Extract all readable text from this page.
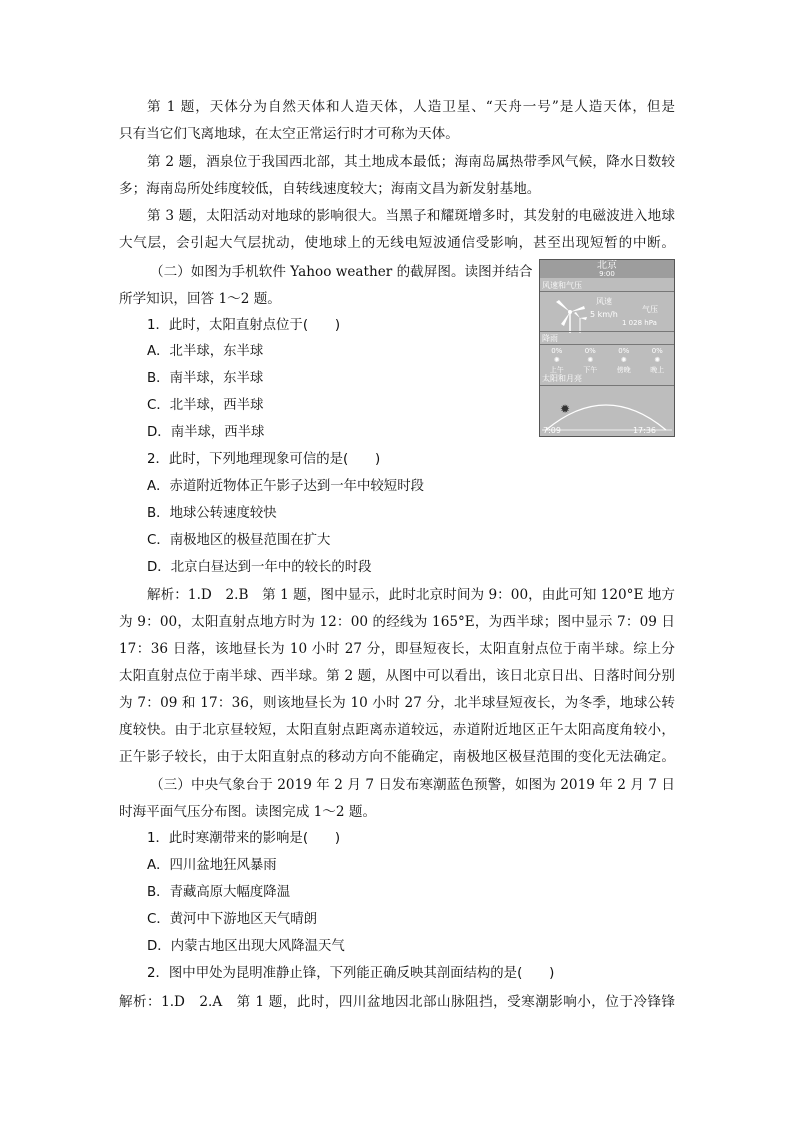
第 1 题，天体分为自然天体和人造天体，人造卫星、“天舟一号”是人造天体，但是
只有当它们飞离地球，在太空正常运行时才可称为天体。
第 2 题，酒泉位于我国西北部，其土地成本最低；海南岛属热带季风气候，降水日数较
多；海南岛所处纬度较低，自转线速度较大；海南文昌为新发射基地。
第 3 题，太阳活动对地球的影响很大。当黑子和耀斑增多时，其发射的电磁波进入地球
大气层，会引起大气层扰动，使地球上的无线电短波通信受影响，甚至出现短暂的中断。
（二）如图为手机软件 Yahoo weather 的截屏图。读图并结合
所学知识，回答 1～2 题。
1．此时，太阳直射点位于(　　)
A．北半球，东半球
B．南半球，东半球
C．北半球，西半球
D．南半球，西半球
2．此时，下列地理现象可信的是(　　)
A．赤道附近物体正午影子达到一年中较短时段
B．地球公转速度较快
C．南极地区的极昼范围在扩大
D．北京白昼达到一年中的较长的时段
解析：1.D　2.B　第 1 题，图中显示，此时北京时间为 9：00，由此可知 120°E 地方
为 9：00，太阳直射点地方时为 12：00 的经线为 165°E，为西半球；图中显示 7：09 日
17：36 日落，该地昼长为 10 小时 27 分，即昼短夜长，太阳直射点位于南半球。综上分
太阳直射点位于南半球、西半球。第 2 题，从图中可以看出，该日北京日出、日落时间分别
为 7：09 和 17：36，则该地昼长为 10 小时 27 分，北半球昼短夜长，为冬季，地球公转
度较快。由于北京昼较短，太阳直射点距离赤道较远，赤道附近地区正午太阳高度角较小，
正午影子较长，由于太阳直射点的移动方向不能确定，南极地区极昼范围的变化无法确定。
（三）中央气象台于 2019 年 2 月 7 日发布寒潮蓝色预警，如图为 2019 年 2 月 7 日
时海平面气压分布图。读图完成 1～2 题。
1．此时寒潮带来的影响是(　　)
A．四川盆地狂风暴雨
B．青藏高原大幅度降温
C．黄河中下游地区天气晴朗
D．内蒙古地区出现大风降温天气
2．图中甲处为昆明准静止锋，下列能正确反映其剖面结构的是(　　)
解析：1.D　2.A　第 1 题，此时，四川盆地因北部山脉阻挡，受寒潮影响小，位于冷锋锋
北京
9:00
风速和气压
风速
5 km/h
气压
1 028 hPa
降雨
0%	0%	0%	0%
✺	✺	✺	✺
上午	下午	傍晚	晚上
太阳和月亮
✹
7:09	17:36
